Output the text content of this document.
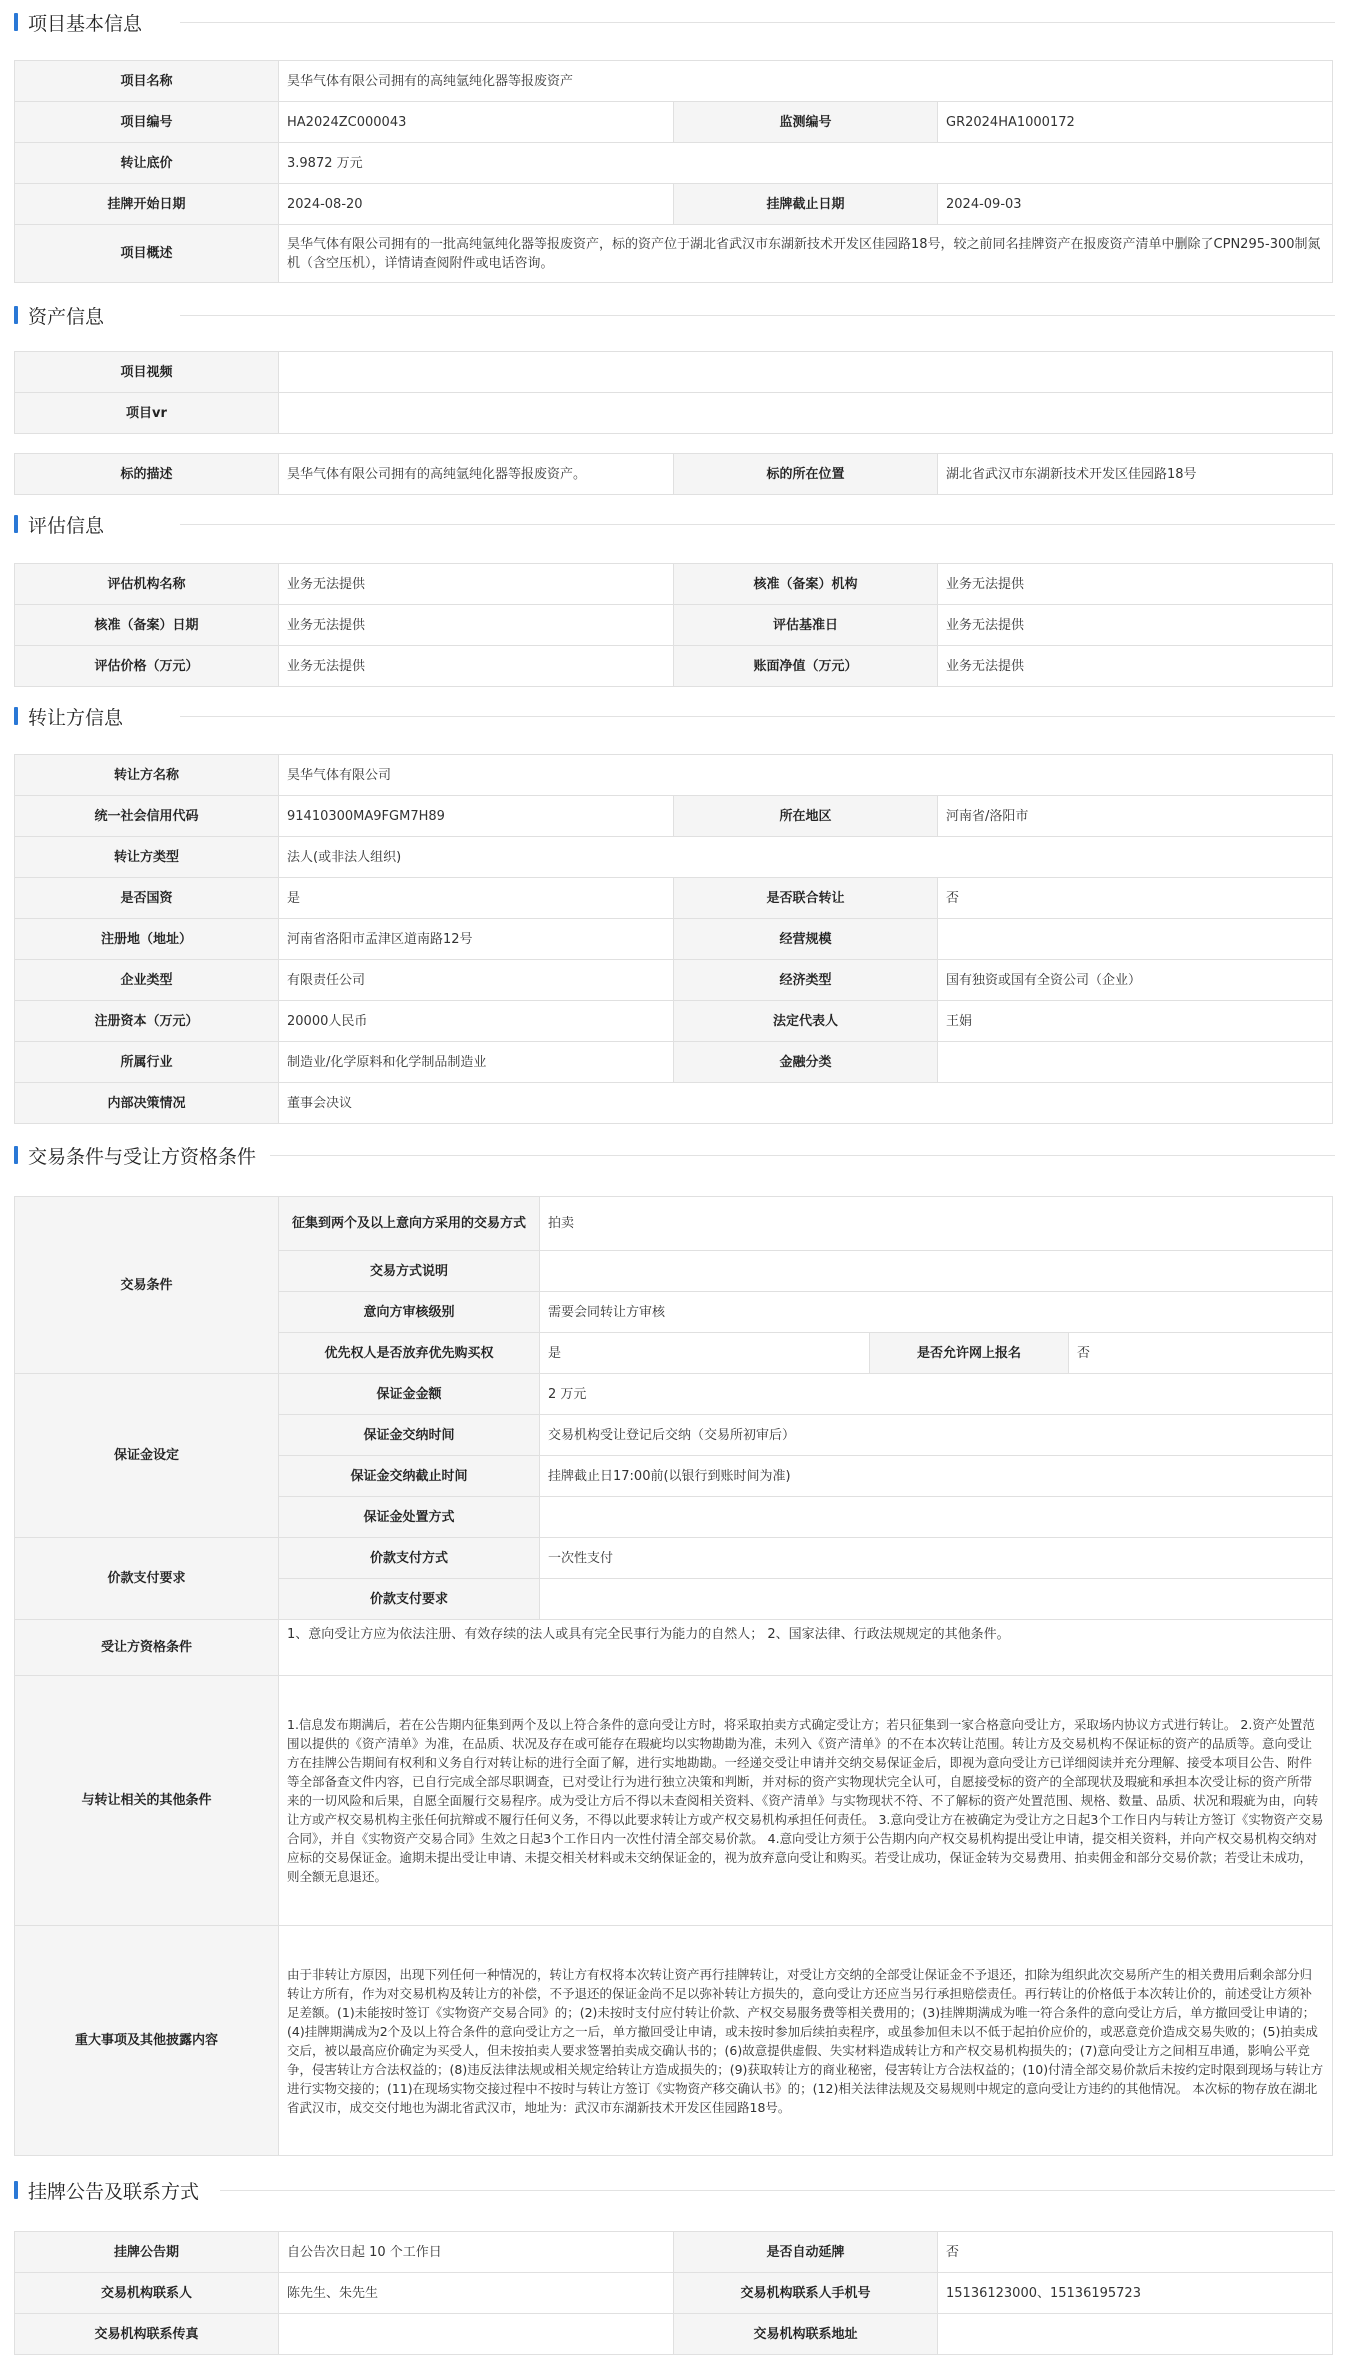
项目基本信息
项目名称	昊华气体有限公司拥有的高纯氩纯化器等报废资产		
项目编号	HA2024ZC000043	监测编号	GR2024HA1000172
转让底价	3.9872 万元		
挂牌开始日期	2024-08-20	挂牌截止日期	2024-09-03
项目概述	昊华气体有限公司拥有的一批高纯氩纯化器等报废资产，标的资产位于湖北省武汉市东湖新技术开发区佳园路18号，较之前同名挂牌资产在报废资产清单中删除了CPN295-300制氮机（含空压机），详情请查阅附件或电话咨询。		
资产信息
项目视频	
项目vr	
标的描述	昊华气体有限公司拥有的高纯氩纯化器等报废资产。	标的所在位置	湖北省武汉市东湖新技术开发区佳园路18号
评估信息
评估机构名称	业务无法提供	核准（备案）机构	业务无法提供
核准（备案）日期	业务无法提供	评估基准日	业务无法提供
评估价格（万元）	业务无法提供	账面净值（万元）	业务无法提供
转让方信息
转让方名称	昊华气体有限公司		
统一社会信用代码	91410300MA9FGM7H89	所在地区	河南省/洛阳市
转让方类型	法人(或非法人组织)		
是否国资	是	是否联合转让	否
注册地（地址）	河南省洛阳市孟津区道南路12号	经营规模	
企业类型	有限责任公司	经济类型	国有独资或国有全资公司（企业）
注册资本（万元）	20000人民币	法定代表人	王娟
所属行业	制造业/化学原料和化学制品制造业	金融分类	
内部决策情况	董事会决议		
交易条件与受让方资格条件
交易条件	征集到两个及以上意向方采用的交易方式	拍卖		
	交易方式说明			
	意向方审核级别	需要会同转让方审核		
	优先权人是否放弃优先购买权	是	是否允许网上报名	否
保证金设定	保证金金额	2 万元		
	保证金交纳时间	交易机构受让登记后交纳（交易所初审后）		
	保证金交纳截止时间	挂牌截止日17:00前(以银行到账时间为准)		
	保证金处置方式			
价款支付要求	价款支付方式	一次性支付		
	价款支付要求			
受让方资格条件	1、意向受让方应为依法注册、有效存续的法人或具有完全民事行为能力的自然人； 2、国家法律、行政法规规定的其他条件。			
与转让相关的其他条件	1.信息发布期满后，若在公告期内征集到两个及以上符合条件的意向受让方时，将采取拍卖方式确定受让方；若只征集到一家合格意向受让方，采取场内协议方式进行转让。 2.资产处置范围以提供的《资产清单》为准，在品质、状况及存在或可能存在瑕疵均以实物勘勘为准，未列入《资产清单》的不在本次转让范围。转让方及交易机构不保证标的资产的品质等。意向受让方在挂牌公告期间有权利和义务自行对转让标的进行全面了解，进行实地勘勘。一经递交受让申请并交纳交易保证金后，即视为意向受让方已详细阅读并充分理解、接受本项目公告、附件等全部备查文件内容，已自行完成全部尽职调查，已对受让行为进行独立决策和判断，并对标的资产实物现状完全认可，自愿接受标的资产的全部现状及瑕疵和承担本次受让标的资产所带来的一切风险和后果，自愿全面履行交易程序。成为受让方后不得以未查阅相关资料、《资产清单》与实物现状不符、不了解标的资产处置范围、规格、数量、品质、状况和瑕疵为由，向转让方或产权交易机构主张任何抗辩或不履行任何义务，不得以此要求转让方或产权交易机构承担任何责任。 3.意向受让方在被确定为受让方之日起3个工作日内与转让方签订《实物资产交易合同》，并自《实物资产交易合同》生效之日起3个工作日内一次性付清全部交易价款。 4.意向受让方须于公告期内向产权交易机构提出受让申请，提交相关资料，并向产权交易机构交纳对应标的交易保证金。逾期未提出受让申请、未提交相关材料或未交纳保证金的，视为放弃意向受让和购买。若受让成功，保证金转为交易费用、拍卖佣金和部分交易价款；若受让未成功，则全额无息退还。			
重大事项及其他披露内容	由于非转让方原因，出现下列任何一种情况的，转让方有权将本次转让资产再行挂牌转让，对受让方交纳的全部受让保证金不予退还，扣除为组织此次交易所产生的相关费用后剩余部分归转让方所有，作为对交易机构及转让方的补偿，不予退还的保证金尚不足以弥补转让方损失的，意向受让方还应当另行承担赔偿责任。再行转让的价格低于本次转让价的，前述受让方须补足差额。(1)未能按时签订《实物资产交易合同》的；(2)未按时支付应付转让价款、产权交易服务费等相关费用的；(3)挂牌期满成为唯一符合条件的意向受让方后，单方撤回受让申请的；(4)挂牌期满成为2个及以上符合条件的意向受让方之一后，单方撤回受让申请，或未按时参加后续拍卖程序，或虽参加但未以不低于起拍价应价的，或恶意竞价造成交易失败的；(5)拍卖成交后，被以最高应价确定为买受人，但未按拍卖人要求签署拍卖成交确认书的；(6)故意提供虚假、失实材料造成转让方和产权交易机构损失的；(7)意向受让方之间相互串通，影响公平竞争，侵害转让方合法权益的；(8)违反法律法规或相关规定给转让方造成损失的；(9)获取转让方的商业秘密，侵害转让方合法权益的；(10)付清全部交易价款后未按约定时限到现场与转让方进行实物交接的；(11)在现场实物交接过程中不按时与转让方签订《实物资产移交确认书》的；(12)相关法律法规及交易规则中规定的意向受让方违约的其他情况。 本次标的物存放在湖北省武汉市，成交交付地也为湖北省武汉市，地址为：武汉市东湖新技术开发区佳园路18号。			
挂牌公告及联系方式
挂牌公告期	自公告次日起 10 个工作日	是否自动延牌	否
交易机构联系人	陈先生、朱先生	交易机构联系人手机号	15136123000、15136195723
交易机构联系传真		交易机构联系地址	
